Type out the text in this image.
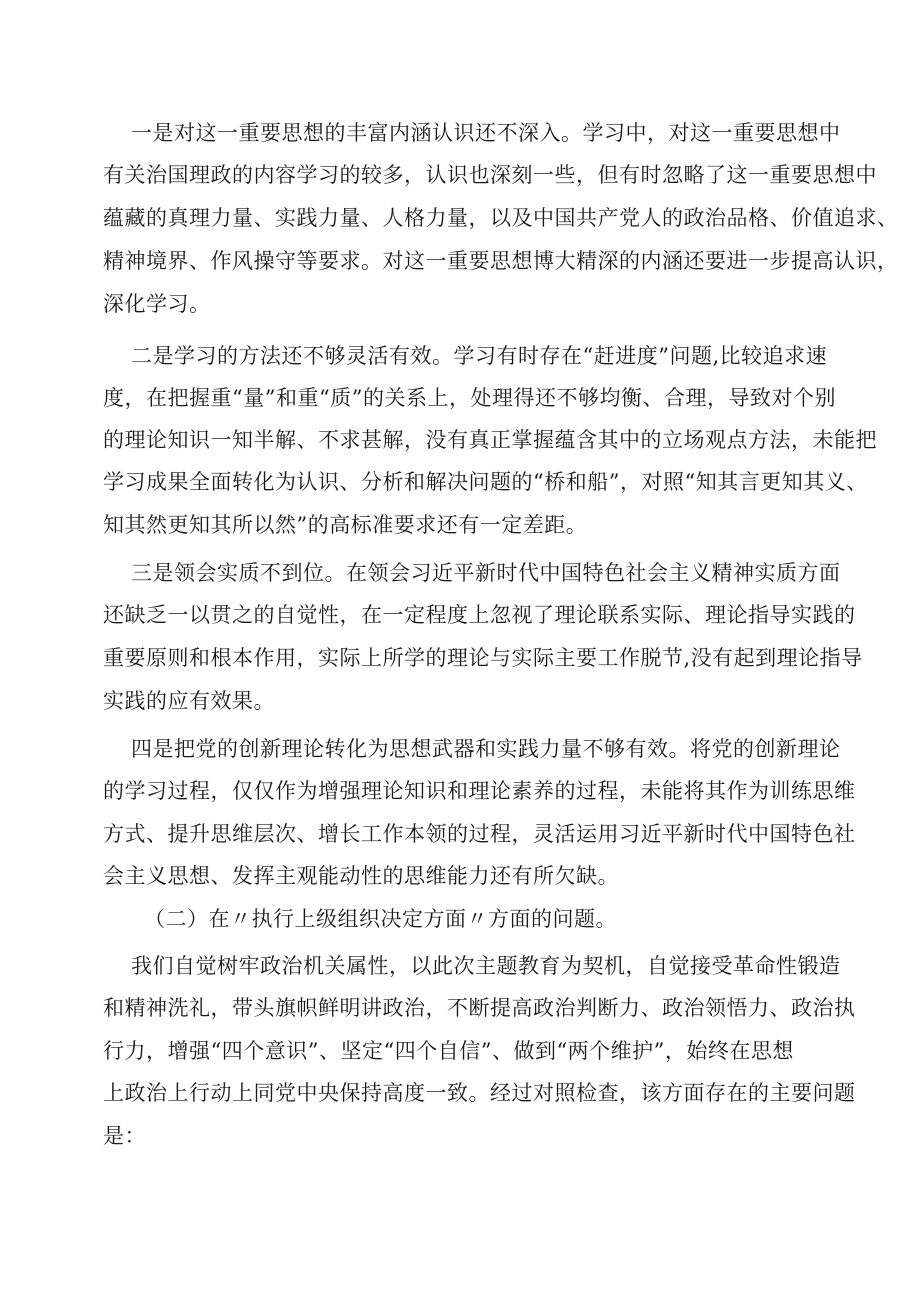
一是对这一重要思想的丰富内涵认识还不深入。学习中，对这一重要思想中
有关治国理政的内容学习的较多，认识也深刻一些，但有时忽略了这一重要思想中
蕴藏的真理力量、实践力量、人格力量，以及中国共产党人的政治品格、价值追求、
精神境界、作风操守等要求。对这一重要思想博大精深的内涵还要进一步提高认识，
深化学习。
二是学习的方法还不够灵活有效。学习有时存在“赶进度”问题,比较追求速
度，在把握重“量”和重“质”的关系上，处理得还不够均衡、合理，导致对个别
的理论知识一知半解、不求甚解，没有真正掌握蕴含其中的立场观点方法，未能把
学习成果全面转化为认识、分析和解决问题的“桥和船”，对照“知其言更知其义、
知其然更知其所以然”的高标准要求还有一定差距。
三是领会实质不到位。在领会习近平新时代中国特色社会主义精神实质方面
还缺乏一以贯之的自觉性，在一定程度上忽视了理论联系实际、理论指导实践的
重要原则和根本作用，实际上所学的理论与实际主要工作脱节,没有起到理论指导
实践的应有效果。
四是把党的创新理论转化为思想武器和实践力量不够有效。将党的创新理论
的学习过程，仅仅作为增强理论知识和理论素养的过程，未能将其作为训练思维
方式、提升思维层次、增长工作本领的过程，灵活运用习近平新时代中国特色社
会主义思想、发挥主观能动性的思维能力还有所欠缺。
（二）在〃执行上级组织决定方面〃方面的问题。
我们自觉树牢政治机关属性，以此次主题教育为契机，自觉接受革命性锻造
和精神洗礼，带头旗帜鲜明讲政治，不断提高政治判断力、政治领悟力、政治执
行力，增强“四个意识”、坚定“四个自信”、做到“两个维护”，始终在思想
上政治上行动上同党中央保持高度一致。经过对照检查，该方面存在的主要问题
是：
